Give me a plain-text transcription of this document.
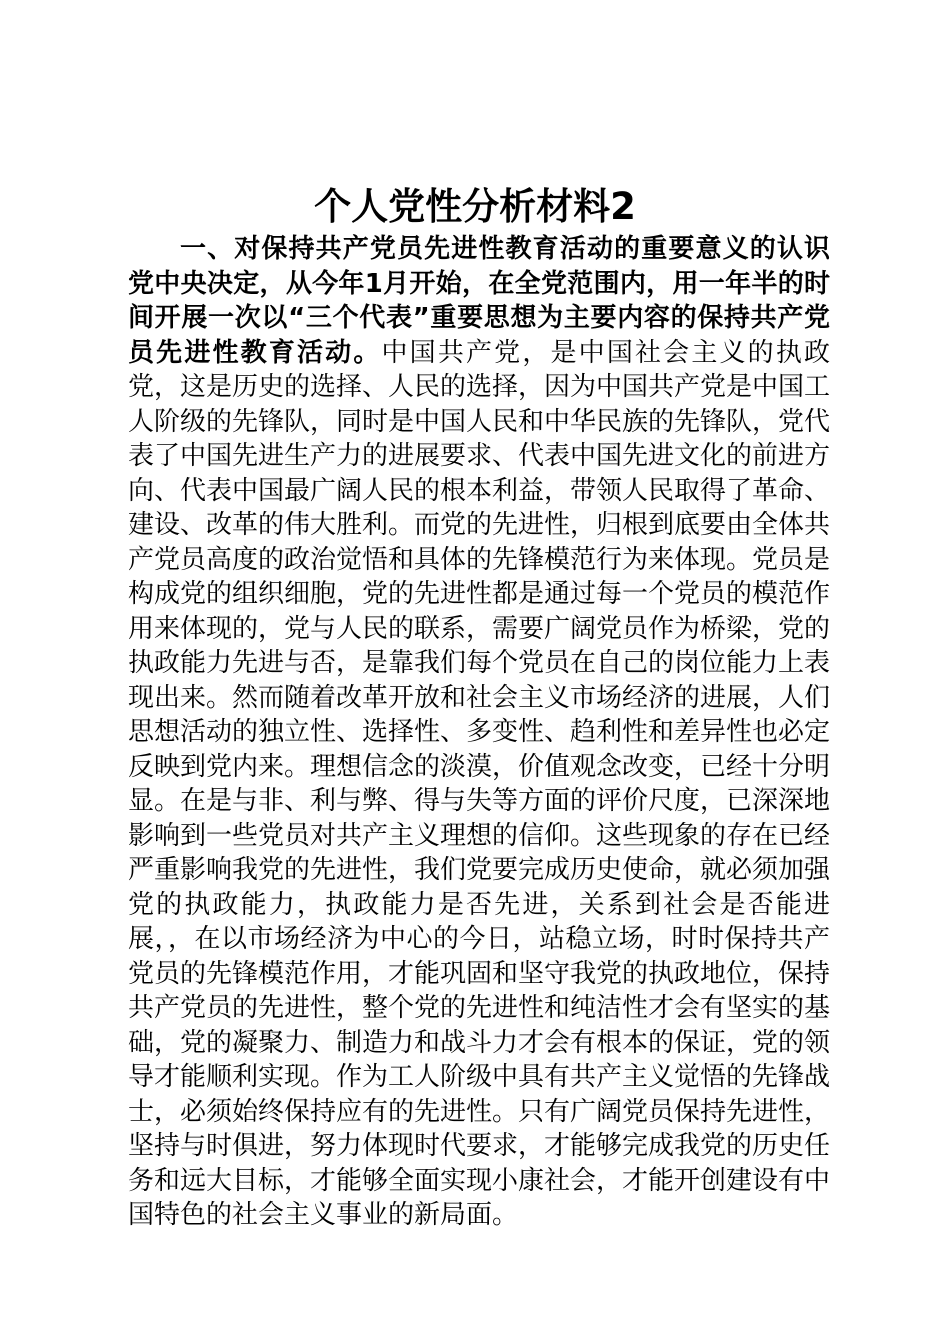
个人党性分析材料2

一、对保持共产党员先进性教育活动的重要意义的认识党中央决定，从今年1月开始，在全党范围内，用一年半的时间开展一次以“三个代表”重要思想为主要内容的保持共产党员先进性教育活动。中国共产党，是中国社会主义的执政党，这是历史的选择、人民的选择，因为中国共产党是中国工人阶级的先锋队，同时是中国人民和中华民族的先锋队，党代表了中国先进生产力的进展要求、代表中国先进文化的前进方向、代表中国最广阔人民的根本利益，带领人民取得了革命、建设、改革的伟大胜利。而党的先进性，归根到底要由全体共产党员高度的政治觉悟和具体的先锋模范行为来体现。党员是构成党的组织细胞，党的先进性都是通过每一个党员的模范作用来体现的，党与人民的联系，需要广阔党员作为桥梁，党的执政能力先进与否，是靠我们每个党员在自己的岗位能力上表现出来。然而随着改革开放和社会主义市场经济的进展，人们思想活动的独立性、选择性、多变性、趋利性和差异性也必定反映到党内来。理想信念的淡漠，价值观念改变，已经十分明显。在是与非、利与弊、得与失等方面的评价尺度，已深深地影响到一些党员对共产主义理想的信仰。这些现象的存在已经严重影响我党的先进性，我们党要完成历史使命，就必须加强党的执政能力，执政能力是否先进，关系到社会是否能进展，，在以市场经济为中心的今日，站稳立场，时时保持共产党员的先锋模范作用，才能巩固和坚守我党的执政地位，保持共产党员的先进性，整个党的先进性和纯洁性才会有坚实的基础，党的凝聚力、制造力和战斗力才会有根本的保证，党的领导才能顺利实现。作为工人阶级中具有共产主义觉悟的先锋战士，必须始终保持应有的先进性。只有广阔党员保持先进性，坚持与时俱进，努力体现时代要求，才能够完成我党的历史任务和远大目标，才能够全面实现小康社会，才能开创建设有中国特色的社会主义事业的新局面。
